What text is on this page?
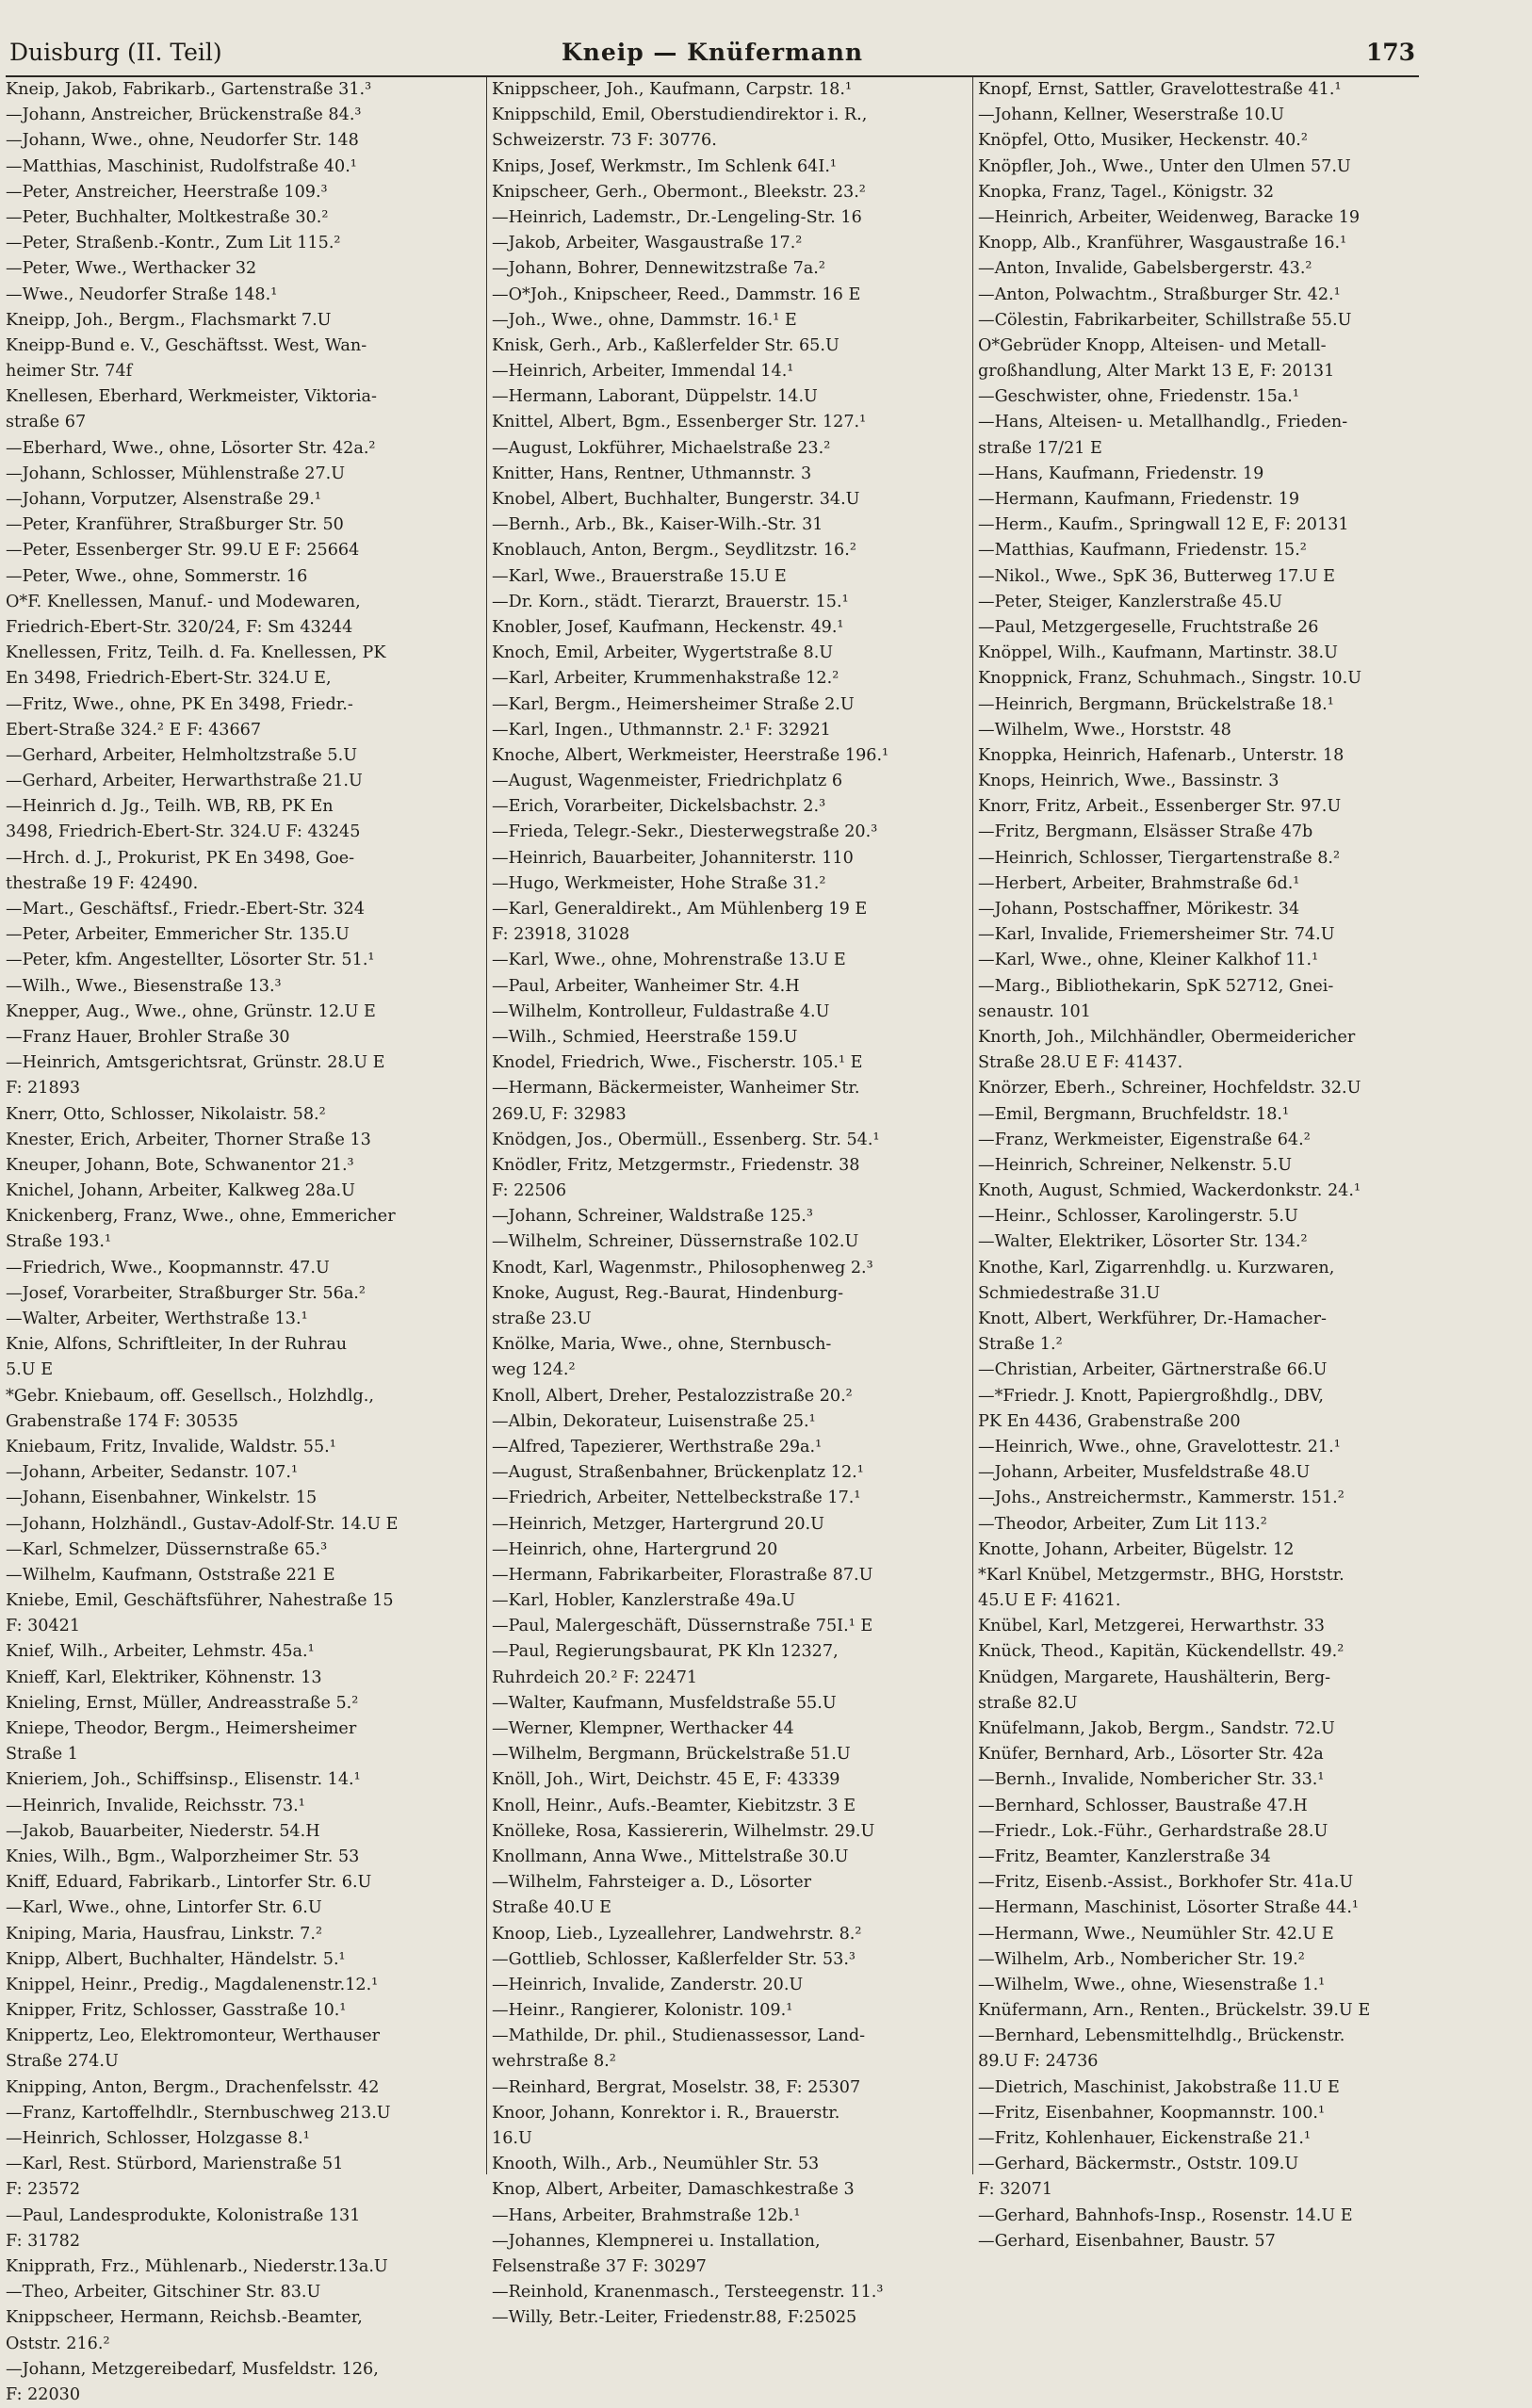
Duisburg (II. Teil)	Kneip — Knüfermann	173
Kneip, Jakob, Fabrikarb., Gartenstraße 31.³
—Johann, Anstreicher, Brückenstraße 84.³
—Johann, Wwe., ohne, Neudorfer Str. 148
—Matthias, Maschinist, Rudolfstraße 40.¹
—Peter, Anstreicher, Heerstraße 109.³
—Peter, Buchhalter, Moltkestraße 30.²
—Peter, Straßenb.-Kontr., Zum Lit 115.²
—Peter, Wwe., Werthacker 32
—Wwe., Neudorfer Straße 148.¹
Kneipp, Joh., Bergm., Flachsmarkt 7.U
Kneipp-Bund e. V., Geschäftsst. West, Wan-
heimer Str. 74f
Knellesen, Eberhard, Werkmeister, Viktoria-
straße 67
—Eberhard, Wwe., ohne, Lösorter Str. 42a.²
—Johann, Schlosser, Mühlenstraße 27.U
—Johann, Vorputzer, Alsenstraße 29.¹
—Peter, Kranführer, Straßburger Str. 50
—Peter, Essenberger Str. 99.U E F: 25664
—Peter, Wwe., ohne, Sommerstr. 16
O*F. Knellessen, Manuf.- und Modewaren,
Friedrich-Ebert-Str. 320/24, F: Sm 43244
Knellessen, Fritz, Teilh. d. Fa. Knellessen, PK
En 3498, Friedrich-Ebert-Str. 324.U E,
—Fritz, Wwe., ohne, PK En 3498, Friedr.-
Ebert-Straße 324.² E F: 43667
—Gerhard, Arbeiter, Helmholtzstraße 5.U
—Gerhard, Arbeiter, Herwarthstraße 21.U
—Heinrich d. Jg., Teilh. WB, RB, PK En
3498, Friedrich-Ebert-Str. 324.U F: 43245
—Hrch. d. J., Prokurist, PK En 3498, Goe-
thestraße 19 F: 42490.
—Mart., Geschäftsf., Friedr.-Ebert-Str. 324
—Peter, Arbeiter, Emmericher Str. 135.U
—Peter, kfm. Angestellter, Lösorter Str. 51.¹
—Wilh., Wwe., Biesenstraße 13.³
Knepper, Aug., Wwe., ohne, Grünstr. 12.U E
—Franz Hauer, Brohler Straße 30
—Heinrich, Amtsgerichtsrat, Grünstr. 28.U E
F: 21893
Knerr, Otto, Schlosser, Nikolaistr. 58.²
Knester, Erich, Arbeiter, Thorner Straße 13
Kneuper, Johann, Bote, Schwanentor 21.³
Knichel, Johann, Arbeiter, Kalkweg 28a.U
Knickenberg, Franz, Wwe., ohne, Emmericher
Straße 193.¹
—Friedrich, Wwe., Koopmannstr. 47.U
—Josef, Vorarbeiter, Straßburger Str. 56a.²
—Walter, Arbeiter, Werthstraße 13.¹
Knie, Alfons, Schriftleiter, In der Ruhrau
5.U E
*Gebr. Kniebaum, off. Gesellsch., Holzhdlg.,
Grabenstraße 174 F: 30535
Kniebaum, Fritz, Invalide, Waldstr. 55.¹
—Johann, Arbeiter, Sedanstr. 107.¹
—Johann, Eisenbahner, Winkelstr. 15
—Johann, Holzhändl., Gustav-Adolf-Str. 14.U E
—Karl, Schmelzer, Düssernstraße 65.³
—Wilhelm, Kaufmann, Oststraße 221 E
Kniebe, Emil, Geschäftsführer, Nahestraße 15
F: 30421
Knief, Wilh., Arbeiter, Lehmstr. 45a.¹
Knieff, Karl, Elektriker, Köhnenstr. 13
Knieling, Ernst, Müller, Andreasstraße 5.²
Kniepe, Theodor, Bergm., Heimersheimer
Straße 1
Knieriem, Joh., Schiffsinsp., Elisenstr. 14.¹
—Heinrich, Invalide, Reichsstr. 73.¹
—Jakob, Bauarbeiter, Niederstr. 54.H
Knies, Wilh., Bgm., Walporzheimer Str. 53
Kniff, Eduard, Fabrikarb., Lintorfer Str. 6.U
—Karl, Wwe., ohne, Lintorfer Str. 6.U
Kniping, Maria, Hausfrau, Linkstr. 7.²
Knipp, Albert, Buchhalter, Händelstr. 5.¹
Knippel, Heinr., Predig., Magdalenenstr.12.¹
Knipper, Fritz, Schlosser, Gasstraße 10.¹
Knippertz, Leo, Elektromonteur, Werthauser
Straße 274.U
Knipping, Anton, Bergm., Drachenfelsstr. 42
—Franz, Kartoffelhdlr., Sternbuschweg 213.U
—Heinrich, Schlosser, Holzgasse 8.¹
—Karl, Rest. Stürbord, Marienstraße 51
F: 23572
—Paul, Landesprodukte, Kolonistraße 131
F: 31782
Knipprath, Frz., Mühlenarb., Niederstr.13a.U
—Theo, Arbeiter, Gitschiner Str. 83.U
Knippscheer, Hermann, Reichsb.-Beamter,
Oststr. 216.²
—Johann, Metzgereibedarf, Musfeldstr. 126,
F: 22030
Knippscheer, Joh., Kaufmann, Carpstr. 18.¹
Knippschild, Emil, Oberstudiendirektor i. R.,
Schweizerstr. 73 F: 30776.
Knips, Josef, Werkmstr., Im Schlenk 64I.¹
Knipscheer, Gerh., Obermont., Bleekstr. 23.²
—Heinrich, Lademstr., Dr.-Lengeling-Str. 16
—Jakob, Arbeiter, Wasgaustraße 17.²
—Johann, Bohrer, Dennewitzstraße 7a.²
—O*Joh., Knipscheer, Reed., Dammstr. 16 E
—Joh., Wwe., ohne, Dammstr. 16.¹ E
Knisk, Gerh., Arb., Kaßlerfelder Str. 65.U
—Heinrich, Arbeiter, Immendal 14.¹
—Hermann, Laborant, Düppelstr. 14.U
Knittel, Albert, Bgm., Essenberger Str. 127.¹
—August, Lokführer, Michaelstraße 23.²
Knitter, Hans, Rentner, Uthmannstr. 3
Knobel, Albert, Buchhalter, Bungerstr. 34.U
—Bernh., Arb., Bk., Kaiser-Wilh.-Str. 31
Knoblauch, Anton, Bergm., Seydlitzstr. 16.²
—Karl, Wwe., Brauerstraße 15.U E
—Dr. Korn., städt. Tierarzt, Brauerstr. 15.¹
Knobler, Josef, Kaufmann, Heckenstr. 49.¹
Knoch, Emil, Arbeiter, Wygertstraße 8.U
—Karl, Arbeiter, Krummenhakstraße 12.²
—Karl, Bergm., Heimersheimer Straße 2.U
—Karl, Ingen., Uthmannstr. 2.¹ F: 32921
Knoche, Albert, Werkmeister, Heerstraße 196.¹
—August, Wagenmeister, Friedrichplatz 6
—Erich, Vorarbeiter, Dickelsbachstr. 2.³
—Frieda, Telegr.-Sekr., Diesterwegstraße 20.³
—Heinrich, Bauarbeiter, Johanniterstr. 110
—Hugo, Werkmeister, Hohe Straße 31.²
—Karl, Generaldirekt., Am Mühlenberg 19 E
F: 23918, 31028
—Karl, Wwe., ohne, Mohrenstraße 13.U E
—Paul, Arbeiter, Wanheimer Str. 4.H
—Wilhelm, Kontrolleur, Fuldastraße 4.U
—Wilh., Schmied, Heerstraße 159.U
Knodel, Friedrich, Wwe., Fischerstr. 105.¹ E
—Hermann, Bäckermeister, Wanheimer Str.
269.U, F: 32983
Knödgen, Jos., Obermüll., Essenberg. Str. 54.¹
Knödler, Fritz, Metzgermstr., Friedenstr. 38
F: 22506
—Johann, Schreiner, Waldstraße 125.³
—Wilhelm, Schreiner, Düssernstraße 102.U
Knodt, Karl, Wagenmstr., Philosophenweg 2.³
Knoke, August, Reg.-Baurat, Hindenburg-
straße 23.U
Knölke, Maria, Wwe., ohne, Sternbusch-
weg 124.²
Knoll, Albert, Dreher, Pestalozzistraße 20.²
—Albin, Dekorateur, Luisenstraße 25.¹
—Alfred, Tapezierer, Werthstraße 29a.¹
—August, Straßenbahner, Brückenplatz 12.¹
—Friedrich, Arbeiter, Nettelbeckstraße 17.¹
—Heinrich, Metzger, Hartergrund 20.U
—Heinrich, ohne, Hartergrund 20
—Hermann, Fabrikarbeiter, Florastraße 87.U
—Karl, Hobler, Kanzlerstraße 49a.U
—Paul, Malergeschäft, Düssernstraße 75I.¹ E
—Paul, Regierungsbaurat, PK Kln 12327,
Ruhrdeich 20.² F: 22471
—Walter, Kaufmann, Musfeldstraße 55.U
—Werner, Klempner, Werthacker 44
—Wilhelm, Bergmann, Brückelstraße 51.U
Knöll, Joh., Wirt, Deichstr. 45 E, F: 43339
Knoll, Heinr., Aufs.-Beamter, Kiebitzstr. 3 E
Knölleke, Rosa, Kassiererin, Wilhelmstr. 29.U
Knollmann, Anna Wwe., Mittelstraße 30.U
—Wilhelm, Fahrsteiger a. D., Lösorter
Straße 40.U E
Knoop, Lieb., Lyzeallehrer, Landwehrstr. 8.²
—Gottlieb, Schlosser, Kaßlerfelder Str. 53.³
—Heinrich, Invalide, Zanderstr. 20.U
—Heinr., Rangierer, Kolonistr. 109.¹
—Mathilde, Dr. phil., Studienassessor, Land-
wehrstraße 8.²
—Reinhard, Bergrat, Moselstr. 38, F: 25307
Knoor, Johann, Konrektor i. R., Brauerstr.
16.U
Knooth, Wilh., Arb., Neumühler Str. 53
Knop, Albert, Arbeiter, Damaschkestraße 3
—Hans, Arbeiter, Brahmstraße 12b.¹
—Johannes, Klempnerei u. Installation,
Felsenstraße 37 F: 30297
—Reinhold, Kranenmasch., Tersteegenstr. 11.³
—Willy, Betr.-Leiter, Friedenstr.88, F:25025
Knopf, Ernst, Sattler, Gravelottestraße 41.¹
—Johann, Kellner, Weserstraße 10.U
Knöpfel, Otto, Musiker, Heckenstr. 40.²
Knöpfler, Joh., Wwe., Unter den Ulmen 57.U
Knopka, Franz, Tagel., Königstr. 32
—Heinrich, Arbeiter, Weidenweg, Baracke 19
Knopp, Alb., Kranführer, Wasgaustraße 16.¹
—Anton, Invalide, Gabelsbergerstr. 43.²
—Anton, Polwachtm., Straßburger Str. 42.¹
—Cölestin, Fabrikarbeiter, Schillstraße 55.U
O*Gebrüder Knopp, Alteisen- und Metall-
großhandlung, Alter Markt 13 E, F: 20131
—Geschwister, ohne, Friedenstr. 15a.¹
—Hans, Alteisen- u. Metallhandlg., Frieden-
straße 17/21 E
—Hans, Kaufmann, Friedenstr. 19
—Hermann, Kaufmann, Friedenstr. 19
—Herm., Kaufm., Springwall 12 E, F: 20131
—Matthias, Kaufmann, Friedenstr. 15.²
—Nikol., Wwe., SpK 36, Butterweg 17.U E
—Peter, Steiger, Kanzlerstraße 45.U
—Paul, Metzgergeselle, Fruchtstraße 26
Knöppel, Wilh., Kaufmann, Martinstr. 38.U
Knoppnick, Franz, Schuhmach., Singstr. 10.U
—Heinrich, Bergmann, Brückelstraße 18.¹
—Wilhelm, Wwe., Horststr. 48
Knoppka, Heinrich, Hafenarb., Unterstr. 18
Knops, Heinrich, Wwe., Bassinstr. 3
Knorr, Fritz, Arbeit., Essenberger Str. 97.U
—Fritz, Bergmann, Elsässer Straße 47b
—Heinrich, Schlosser, Tiergartenstraße 8.²
—Herbert, Arbeiter, Brahmstraße 6d.¹
—Johann, Postschaffner, Mörikestr. 34
—Karl, Invalide, Friemersheimer Str. 74.U
—Karl, Wwe., ohne, Kleiner Kalkhof 11.¹
—Marg., Bibliothekarin, SpK 52712, Gnei-
senaustr. 101
Knorth, Joh., Milchhändler, Obermeidericher
Straße 28.U E F: 41437.
Knörzer, Eberh., Schreiner, Hochfeldstr. 32.U
—Emil, Bergmann, Bruchfeldstr. 18.¹
—Franz, Werkmeister, Eigenstraße 64.²
—Heinrich, Schreiner, Nelkenstr. 5.U
Knoth, August, Schmied, Wackerdonkstr. 24.¹
—Heinr., Schlosser, Karolingerstr. 5.U
—Walter, Elektriker, Lösorter Str. 134.²
Knothe, Karl, Zigarrenhdlg. u. Kurzwaren,
Schmiedestraße 31.U
Knott, Albert, Werkführer, Dr.-Hamacher-
Straße 1.²
—Christian, Arbeiter, Gärtnerstraße 66.U
—*Friedr. J. Knott, Papiergroßhdlg., DBV,
PK En 4436, Grabenstraße 200
—Heinrich, Wwe., ohne, Gravelottestr. 21.¹
—Johann, Arbeiter, Musfeldstraße 48.U
—Johs., Anstreichermstr., Kammerstr. 151.²
—Theodor, Arbeiter, Zum Lit 113.²
Knotte, Johann, Arbeiter, Bügelstr. 12
*Karl Knübel, Metzgermstr., BHG, Horststr.
45.U E F: 41621.
Knübel, Karl, Metzgerei, Herwarthstr. 33
Knück, Theod., Kapitän, Kückendellstr. 49.²
Knüdgen, Margarete, Haushälterin, Berg-
straße 82.U
Knüfelmann, Jakob, Bergm., Sandstr. 72.U
Knüfer, Bernhard, Arb., Lösorter Str. 42a
—Bernh., Invalide, Nombericher Str. 33.¹
—Bernhard, Schlosser, Baustraße 47.H
—Friedr., Lok.-Führ., Gerhardstraße 28.U
—Fritz, Beamter, Kanzlerstraße 34
—Fritz, Eisenb.-Assist., Borkhofer Str. 41a.U
—Hermann, Maschinist, Lösorter Straße 44.¹
—Hermann, Wwe., Neumühler Str. 42.U E
—Wilhelm, Arb., Nombericher Str. 19.²
—Wilhelm, Wwe., ohne, Wiesenstraße 1.¹
Knüfermann, Arn., Renten., Brückelstr. 39.U E
—Bernhard, Lebensmittelhdlg., Brückenstr.
89.U F: 24736
—Dietrich, Maschinist, Jakobstraße 11.U E
—Fritz, Eisenbahner, Koopmannstr. 100.¹
—Fritz, Kohlenhauer, Eickenstraße 21.¹
—Gerhard, Bäckermstr., Oststr. 109.U
F: 32071
—Gerhard, Bahnhofs-Insp., Rosenstr. 14.U E
—Gerhard, Eisenbahner, Baustr. 57
